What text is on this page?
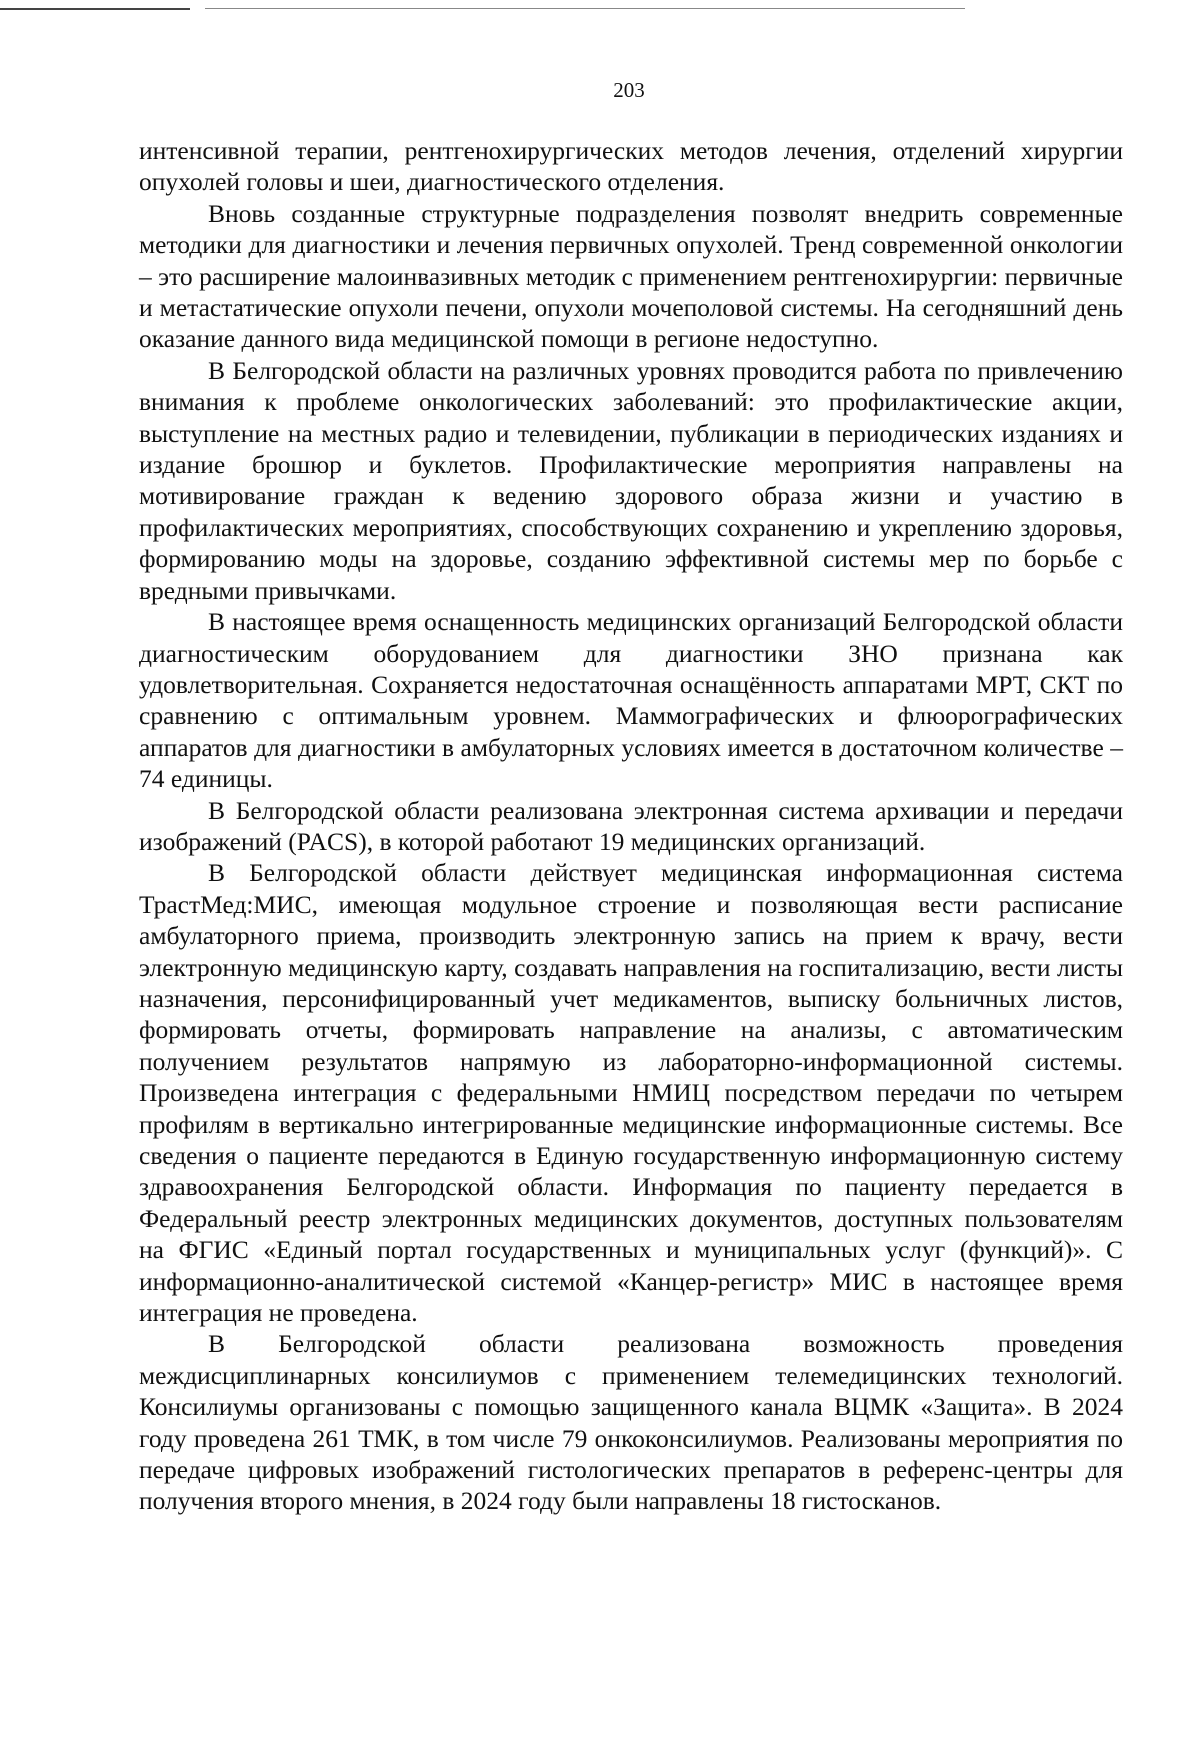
203

интенсивной терапии, рентгенохирургических методов лечения, отделений хирургии опухолей головы и шеи, диагностического отделения.

Вновь созданные структурные подразделения позволят внедрить современные методики для диагностики и лечения первичных опухолей. Тренд современной онкологии – это расширение малоинвазивных методик с применением рентгенохирургии: первичные и метастатические опухоли печени, опухоли мочеполовой системы. На сегодняшний день оказание данного вида медицинской помощи в регионе недоступно.

В Белгородской области на различных уровнях проводится работа по привлечению внимания к проблеме онкологических заболеваний: это профилактические акции, выступление на местных радио и телевидении, публикации в периодических изданиях и издание брошюр и буклетов. Профилактические мероприятия направлены на мотивирование граждан к ведению здорового образа жизни и участию в профилактических мероприятиях, способствующих сохранению и укреплению здоровья, формированию моды на здоровье, созданию эффективной системы мер по борьбе с вредными привычками.

В настоящее время оснащенность медицинских организаций Белгородской области диагностическим оборудованием для диагностики ЗНО признана как удовлетворительная. Сохраняется недостаточная оснащённость аппаратами МРТ, СКТ по сравнению с оптимальным уровнем. Маммографических и флюорографических аппаратов для диагностики в амбулаторных условиях имеется в достаточном количестве – 74 единицы.

В Белгородской области реализована электронная система архивации и передачи изображений (PACS), в которой работают 19 медицинских организаций.

В Белгородской области действует медицинская информационная система ТрастМед:МИС, имеющая модульное строение и позволяющая вести расписание амбулаторного приема, производить электронную запись на прием к врачу, вести электронную медицинскую карту, создавать направления на госпитализацию, вести листы назначения, персонифицированный учет медикаментов, выписку больничных листов, формировать отчеты, формировать направление на анализы, с автоматическим получением результатов напрямую из лабораторно-информационной системы. Произведена интеграция с федеральными НМИЦ посредством передачи по четырем профилям в вертикально интегрированные медицинские информационные системы. Все сведения о пациенте передаются в Единую государственную информационную систему здравоохранения Белгородской области. Информация по пациенту передается в Федеральный реестр электронных медицинских документов, доступных пользователям на ФГИС «Единый портал государственных и муниципальных услуг (функций)». С информационно-аналитической системой «Канцер-регистр» МИС в настоящее время интеграция не проведена.

В Белгородской области реализована возможность проведения междисциплинарных консилиумов с применением телемедицинских технологий. Консилиумы организованы с помощью защищенного канала ВЦМК «Защита». В 2024 году проведена 261 ТМК, в том числе 79 онкоконсилиумов. Реализованы мероприятия по передаче цифровых изображений гистологических препаратов в референс-центры для получения второго мнения, в 2024 году были направлены 18 гистосканов.
